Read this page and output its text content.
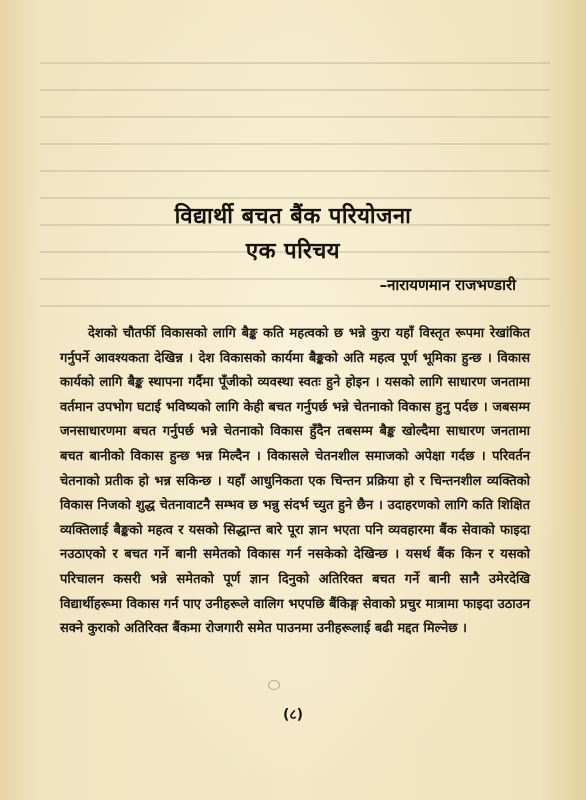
विद्यार्थी बचत बैंक परियोजना
एक परिचय
–नारायणमान राजभण्डारी

देशको चौतर्फी विकासको लागि बैङ्क कति महत्वको छ भन्ने कुरा यहाँ विस्तृत रूपमा रेखांकित गर्नुपर्ने आवश्यकता देखिन्न । देश विकासको कार्यमा बैङ्कको अति महत्व पूर्ण भूमिका हुन्छ । विकास कार्यको लागि बैङ्क स्थापना गर्दैमा पूँजीको व्यवस्था स्वतः हुने होइन । यसको लागि साधारण जनतामा वर्तमान उपभोग घटाई भविष्यको लागि केही बचत गर्नुपर्छ भन्ने चेतनाको विकास हुनु पर्दछ । जबसम्म जनसाधारणमा बचत गर्नुपर्छ भन्ने चेतनाको विकास हुँदैन तबसम्म बैङ्क खोल्दैमा साधारण जनतामा बचत बानीको विकास हुन्छ भन्न मिल्दैन । विकासले चेतनशील समाजको अपेक्षा गर्दछ । परिवर्तन चेतनाको प्रतीक हो भन्न सकिन्छ । यहाँ आधुनिकता एक चिन्तन प्रक्रिया हो र चिन्तनशील व्यक्तिको विकास निजको शुद्ध चेतनावाटनै सम्भव छ भन्नु संदर्भ च्युत हुने छैन । उदाहरणको लागि कति शिक्षित व्यक्तिलाई बैङ्कको महत्व र यसको सिद्धान्त बारे पूरा ज्ञान भएता पनि व्यवहारमा बैंक सेवाको फाइदा नउठाएको र बचत गर्ने बानी समेतको विकास गर्न नसकेको देखिन्छ । यसर्थ बैंक किन र यसको परिचालन कसरी भन्ने समेतको पूर्ण ज्ञान दिनुको अतिरिक्त बचत गर्ने बानी सानै उमेरदेखि विद्यार्थीहरूमा विकास गर्न पाए उनीहरूले वालिग भएपछि बैंकिङ्ग सेवाको प्रचुर मात्रामा फाइदा उठाउन सक्ने कुराको अतिरिक्त बैंकमा रोजगारी समेत पाउनमा उनीहरूलाई बढी मद्दत मिल्नेछ ।

(८)
